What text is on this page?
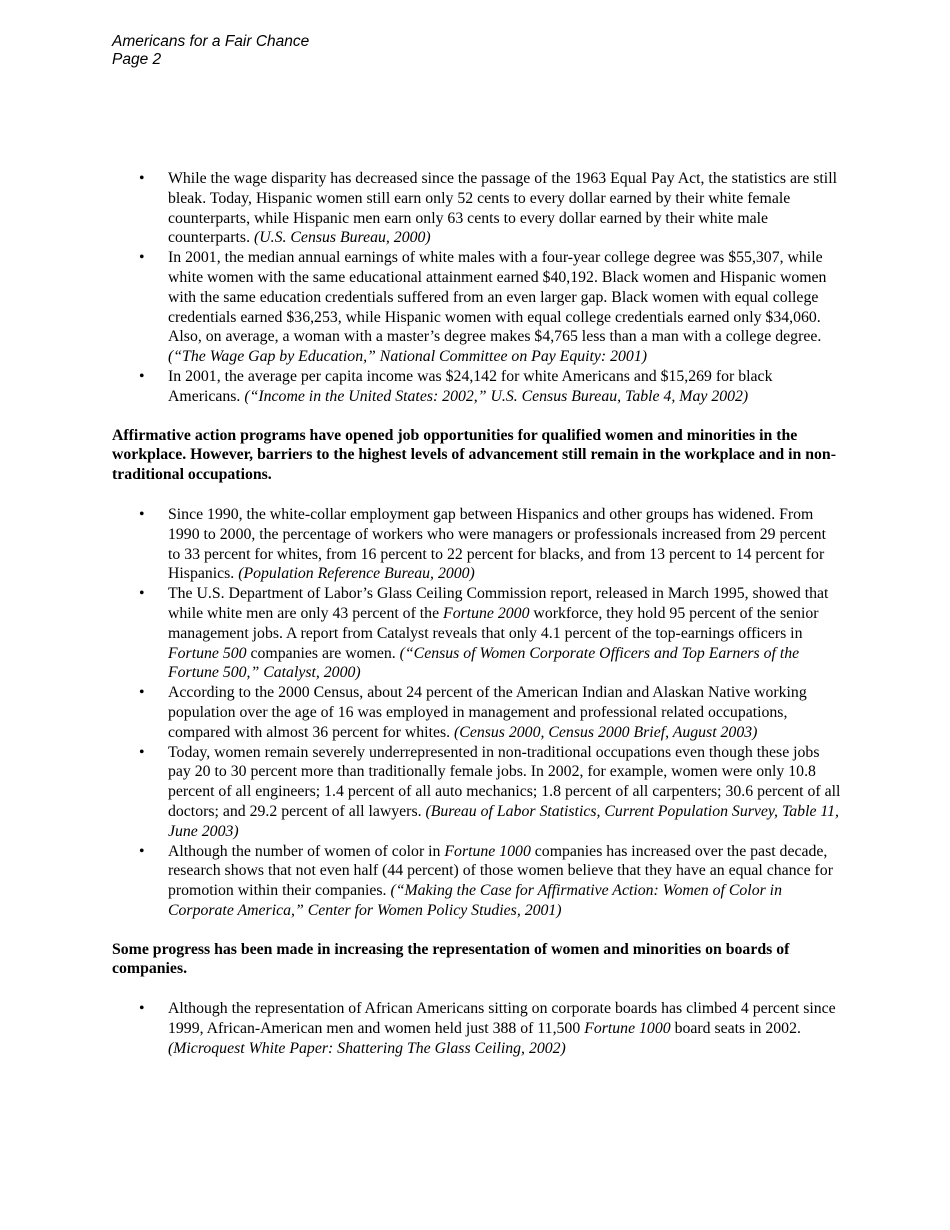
Americans for a Fair Chance
Page 2
• While the wage disparity has decreased since the passage of the 1963 Equal Pay Act, the statistics are still bleak. Today, Hispanic women still earn only 52 cents to every dollar earned by their white female counterparts, while Hispanic men earn only 63 cents to every dollar earned by their white male counterparts. (U.S. Census Bureau, 2000)
• In 2001, the median annual earnings of white males with a four-year college degree was $55,307, while white women with the same educational attainment earned $40,192. Black women and Hispanic women with the same education credentials suffered from an even larger gap. Black women with equal college credentials earned $36,253, while Hispanic women with equal college credentials earned only $34,060. Also, on average, a woman with a master’s degree makes $4,765 less than a man with a college degree. (“The Wage Gap by Education,” National Committee on Pay Equity: 2001)
• In 2001, the average per capita income was $24,142 for white Americans and $15,269 for black Americans. (“Income in the United States: 2002,” U.S. Census Bureau, Table 4, May 2002)
Affirmative action programs have opened job opportunities for qualified women and minorities in the workplace. However, barriers to the highest levels of advancement still remain in the workplace and in non-traditional occupations.
• Since 1990, the white-collar employment gap between Hispanics and other groups has widened. From 1990 to 2000, the percentage of workers who were managers or professionals increased from 29 percent to 33 percent for whites, from 16 percent to 22 percent for blacks, and from 13 percent to 14 percent for Hispanics. (Population Reference Bureau, 2000)
• The U.S. Department of Labor’s Glass Ceiling Commission report, released in March 1995, showed that while white men are only 43 percent of the Fortune 2000 workforce, they hold 95 percent of the senior management jobs. A report from Catalyst reveals that only 4.1 percent of the top-earnings officers in Fortune 500 companies are women. (“Census of Women Corporate Officers and Top Earners of the Fortune 500,” Catalyst, 2000)
• According to the 2000 Census, about 24 percent of the American Indian and Alaskan Native working population over the age of 16 was employed in management and professional related occupations, compared with almost 36 percent for whites. (Census 2000, Census 2000 Brief, August 2003)
• Today, women remain severely underrepresented in non-traditional occupations even though these jobs pay 20 to 30 percent more than traditionally female jobs. In 2002, for example, women were only 10.8 percent of all engineers; 1.4 percent of all auto mechanics; 1.8 percent of all carpenters; 30.6 percent of all doctors; and 29.2 percent of all lawyers. (Bureau of Labor Statistics, Current Population Survey, Table 11, June 2003)
• Although the number of women of color in Fortune 1000 companies has increased over the past decade, research shows that not even half (44 percent) of those women believe that they have an equal chance for promotion within their companies. (“Making the Case for Affirmative Action: Women of Color in Corporate America,” Center for Women Policy Studies, 2001)
Some progress has been made in increasing the representation of women and minorities on boards of companies.
• Although the representation of African Americans sitting on corporate boards has climbed 4 percent since 1999, African-American men and women held just 388 of 11,500 Fortune 1000 board seats in 2002. (Microquest White Paper: Shattering The Glass Ceiling, 2002)
